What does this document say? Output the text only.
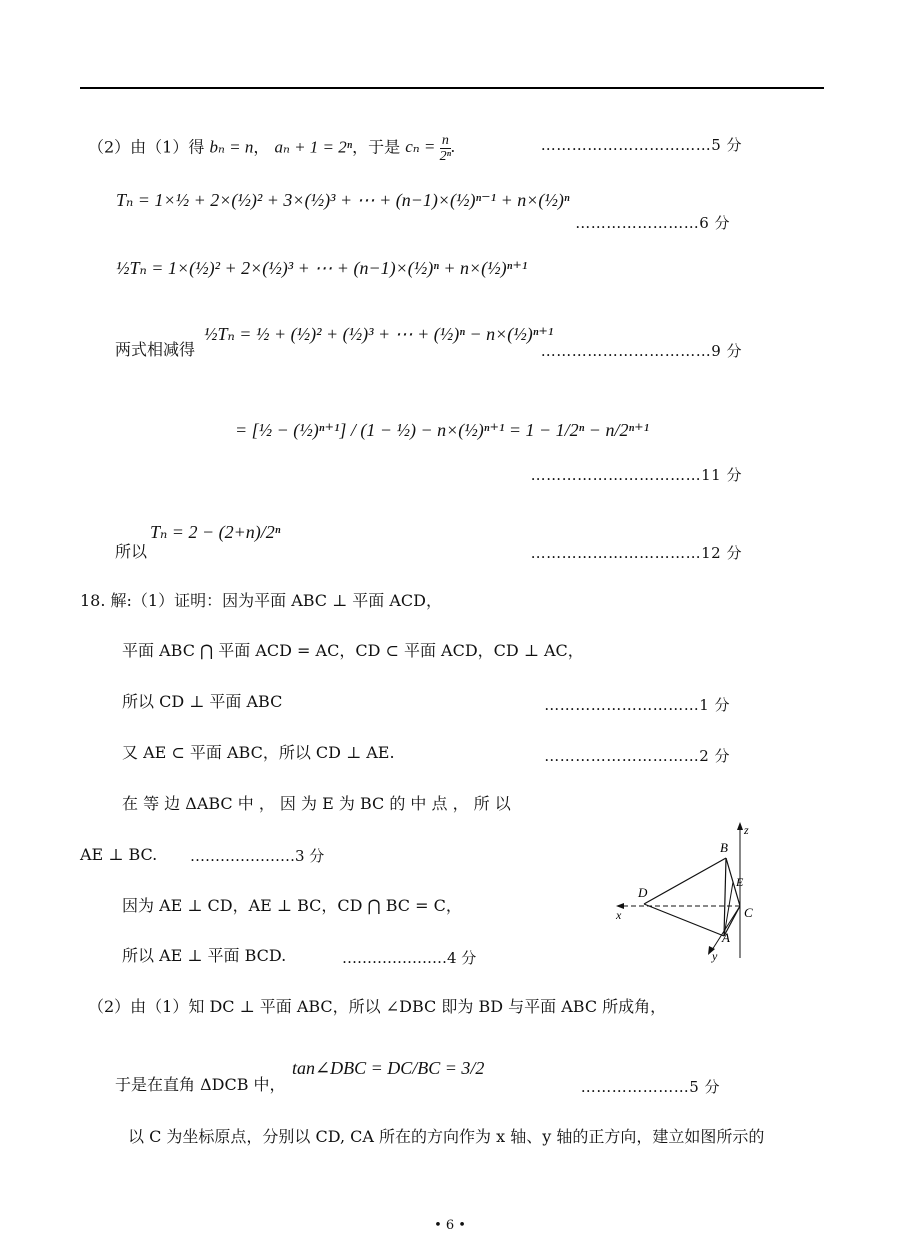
（2）由（1）得 bₙ = n， aₙ + 1 = 2ⁿ，于是 $c_n = \frac{n}{\text{2ⁿ}}$ .	……………………………5 分
Tₙ = 1×½ + 2×(½)² + 3×(½)³ + ⋯ + (n−1)×(½)ⁿ⁻¹ + n×(½)ⁿ
……………………6 分
½Tₙ = 1×(½)² + 2×(½)³ + ⋯ + (n−1)×(½)ⁿ + n×(½)ⁿ⁺¹
两式相减得
½Tₙ = ½ + (½)² + (½)³ + ⋯ + (½)ⁿ − n×(½)ⁿ⁺¹
……………………………9 分
= [½ − (½)ⁿ⁺¹] / (1 − ½) − n×(½)ⁿ⁺¹ = 1 − 1/2ⁿ − n/2ⁿ⁺¹
……………………………11 分
所以
Tₙ = 2 − (2+n)/2ⁿ
……………………………12 分
18. 解:（1）证明：因为平面 ABC ⊥ 平面 ACD，
平面 ABC ⋂ 平面 ACD = AC，CD ⊂ 平面 ACD，CD ⊥ AC，
所以 CD ⊥ 平面 ABC	…………………………1 分
又 AE ⊂ 平面 ABC，所以 CD ⊥ AE.	…………………………2 分
在 等 边 ΔABC 中 ， 因 为 E 为 BC 的 中 点 ， 所 以
AE ⊥ BC. …………………3 分
因为 AE ⊥ CD，AE ⊥ BC，CD ⋂ BC = C，
所以 AE ⊥ 平面 BCD.	…………………4 分
B
E
D
C
A
z
x
y
（2）由（1）知 DC ⊥ 平面 ABC，所以 ∠DBC 即为 BD 与平面 ABC 所成角，
于是在直角 ΔDCB 中，
tan∠DBC = DC/BC = 3/2
…………………5 分
以 C 为坐标原点，分别以 CD, CA 所在的方向作为 x 轴、y 轴的正方向，建立如图所示的
• 6 •
